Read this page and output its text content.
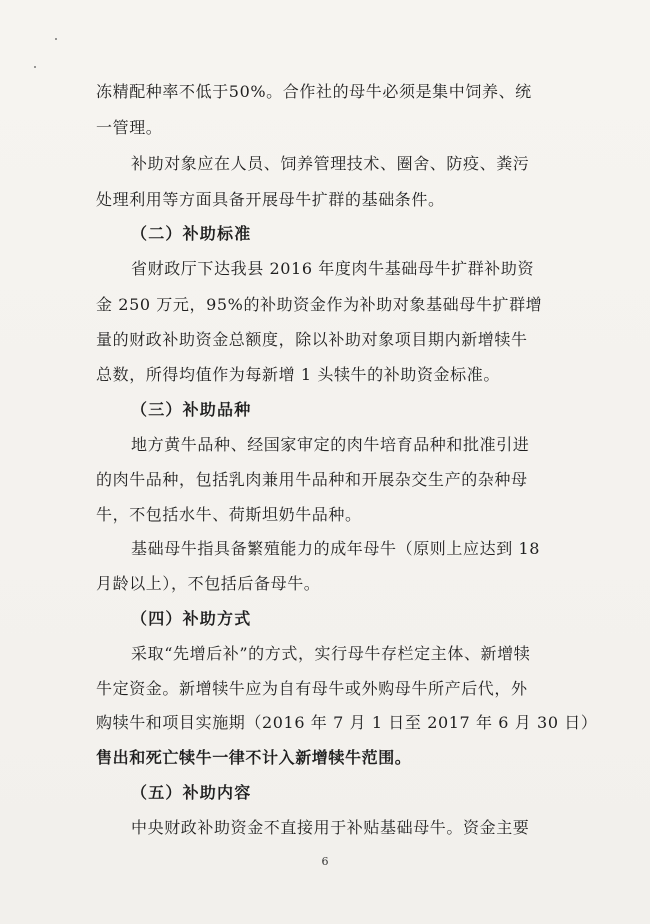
冻精配种率不低于50%。合作社的母牛必须是集中饲养、统
一管理。
补助对象应在人员、饲养管理技术、圈舍、防疫、粪污
处理利用等方面具备开展母牛扩群的基础条件。
（二）补助标准
省财政厅下达我县 2016 年度肉牛基础母牛扩群补助资
金 250 万元，95%的补助资金作为补助对象基础母牛扩群增
量的财政补助资金总额度，除以补助对象项目期内新增犊牛
总数，所得均值作为每新增 1 头犊牛的补助资金标准。
（三）补助品种
地方黄牛品种、经国家审定的肉牛培育品种和批准引进
的肉牛品种，包括乳肉兼用牛品种和开展杂交生产的杂种母
牛，不包括水牛、荷斯坦奶牛品种。
基础母牛指具备繁殖能力的成年母牛（原则上应达到 18
月龄以上），不包括后备母牛。
（四）补助方式
采取“先增后补”的方式，实行母牛存栏定主体、新增犊
牛定资金。新增犊牛应为自有母牛或外购母牛所产后代，外
购犊牛和项目实施期（2016 年 7 月 1 日至 2017 年 6 月 30 日）
售出和死亡犊牛一律不计入新增犊牛范围。
（五）补助内容
中央财政补助资金不直接用于补贴基础母牛。资金主要
6
